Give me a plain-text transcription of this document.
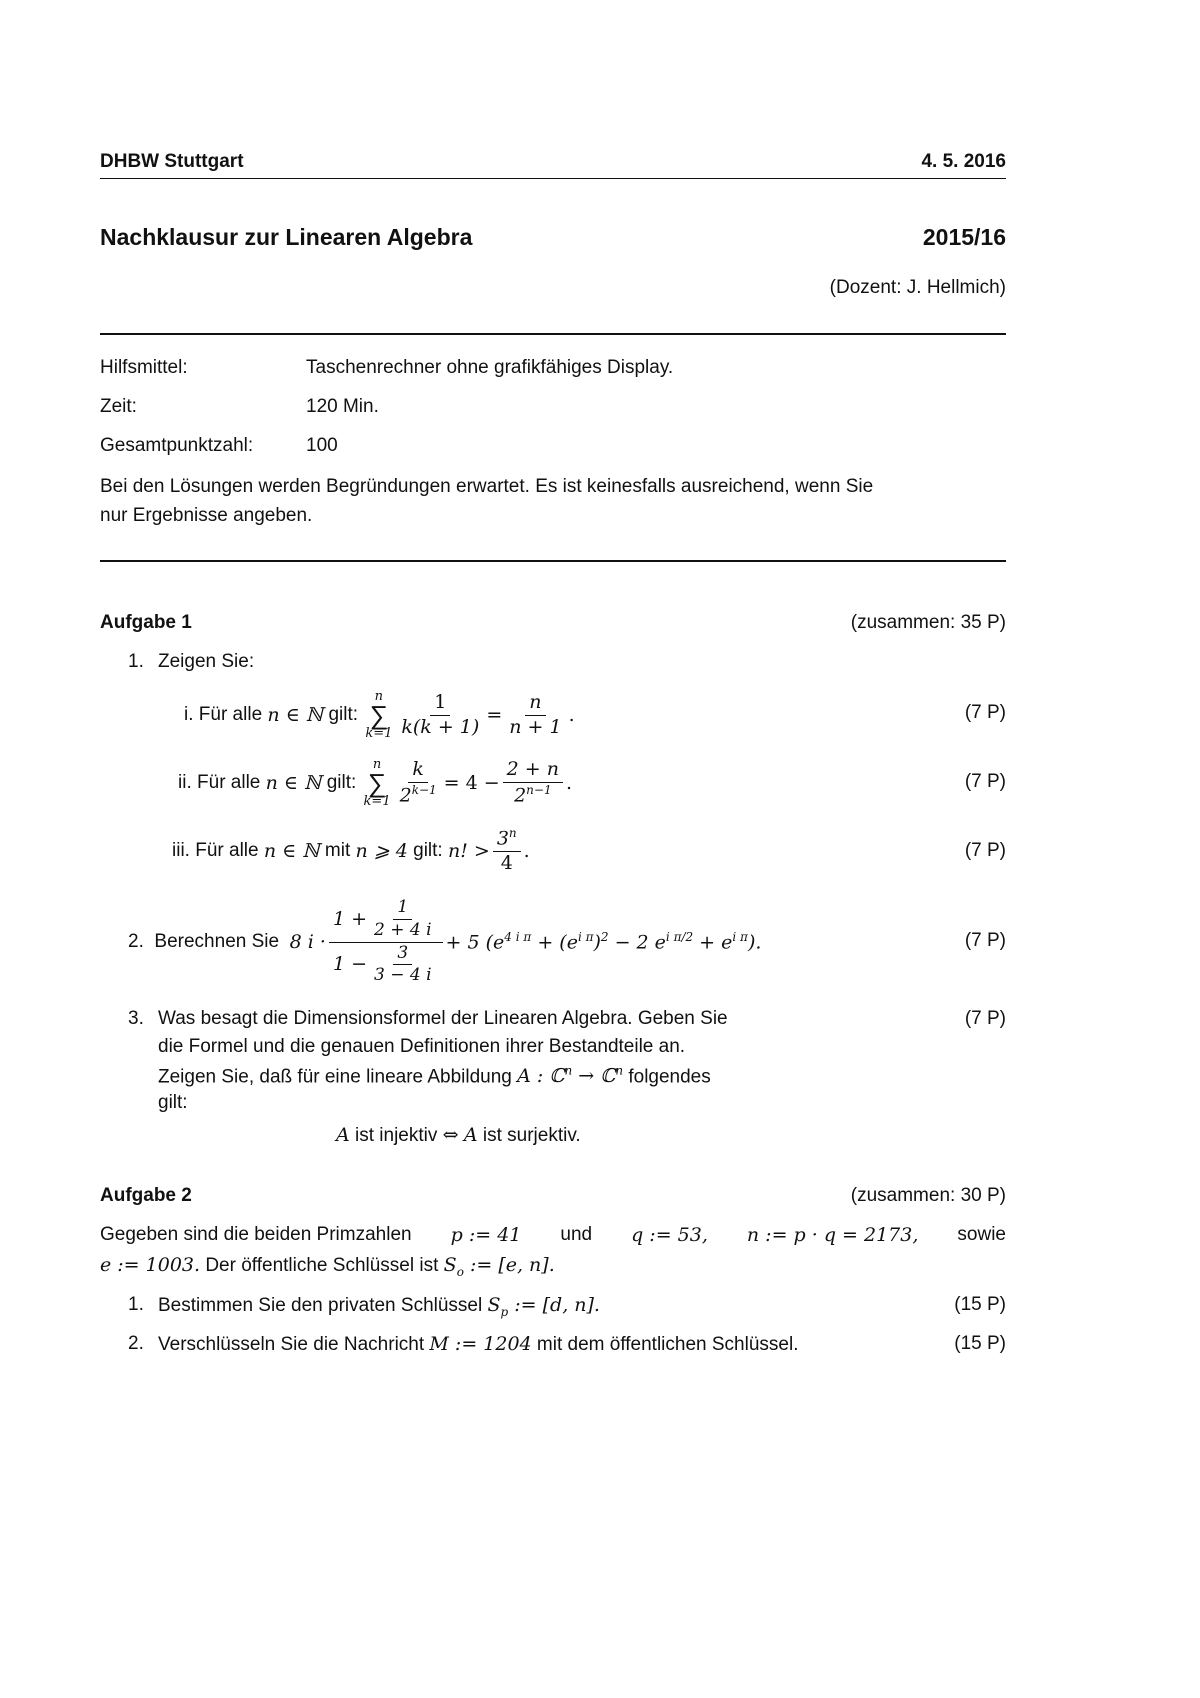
DHBW Stuttgart	4. 5. 2016
Nachklausur zur Linearen Algebra	2015/16
(Dozent: J. Hellmich)
Hilfsmittel:	Taschenrechner ohne grafikfähiges Display.
Zeit:	120 Min.
Gesamtpunktzahl:	100
Bei den Lösungen werden Begründungen erwartet. Es ist keinesfalls ausreichend, wenn Sie
nur Ergebnisse angeben.
Aufgabe 1	(zusammen: 35 P)
1. Zeigen Sie:
i.
Für alle
n ∈ ℕ
gilt:

n
∑
$k=1 \frac{1}{k(k + 1)} = \frac{n}{n + 1}$ .	(7 P)
ii.
Für alle
n ∈ ℕ
gilt:

n
∑
$k=1 \frac{k}{2^{k-1}} = 4 - \frac{2 + n}{2^{n-1}}$ .	(7 P)
iii.
Für alle
n ∈ ℕ
mit
n ⩾ 4
gilt:
n! > $\frac{3^n}{4}$ .	(7 P)
2.
Berechnen Sie
8 $i \cdot \frac{1 + \frac{1}{2 + 4 i}}{1 - \frac{3}{3 - 4 i}} + 5$ ($e^{4 i \pi} + (e^{i \pi})^2 - 2$ $e^{i \pi/2} + e^{i \pi}$).	(7 P)
3. Was besagt die Dimensionsformel der Linearen Algebra. Geben Sie	(7 P)
die Formel und die genauen Definitionen ihrer Bestandteile an.
Zeigen Sie, daß für eine lineare Abbildung A : ℂ$^n$ → ℂ$^n$ folgendes
gilt:
A ist injektiv ⇔ A ist surjektiv.
Aufgabe 2	(zusammen: 30 P)
Gegeben sind die beiden Primzahlen p := 41 und q := 53, n := p · q = 2173, sowie
e := 1003. Der öffentliche Schlüssel ist $S_o$ := [e, n].
1. Bestimmen Sie den privaten Schlüssel $S_p$ := [d, n].	(15 P)
2. Verschlüsseln Sie die Nachricht M := 1204 mit dem öffentlichen Schlüssel.	(15 P)
